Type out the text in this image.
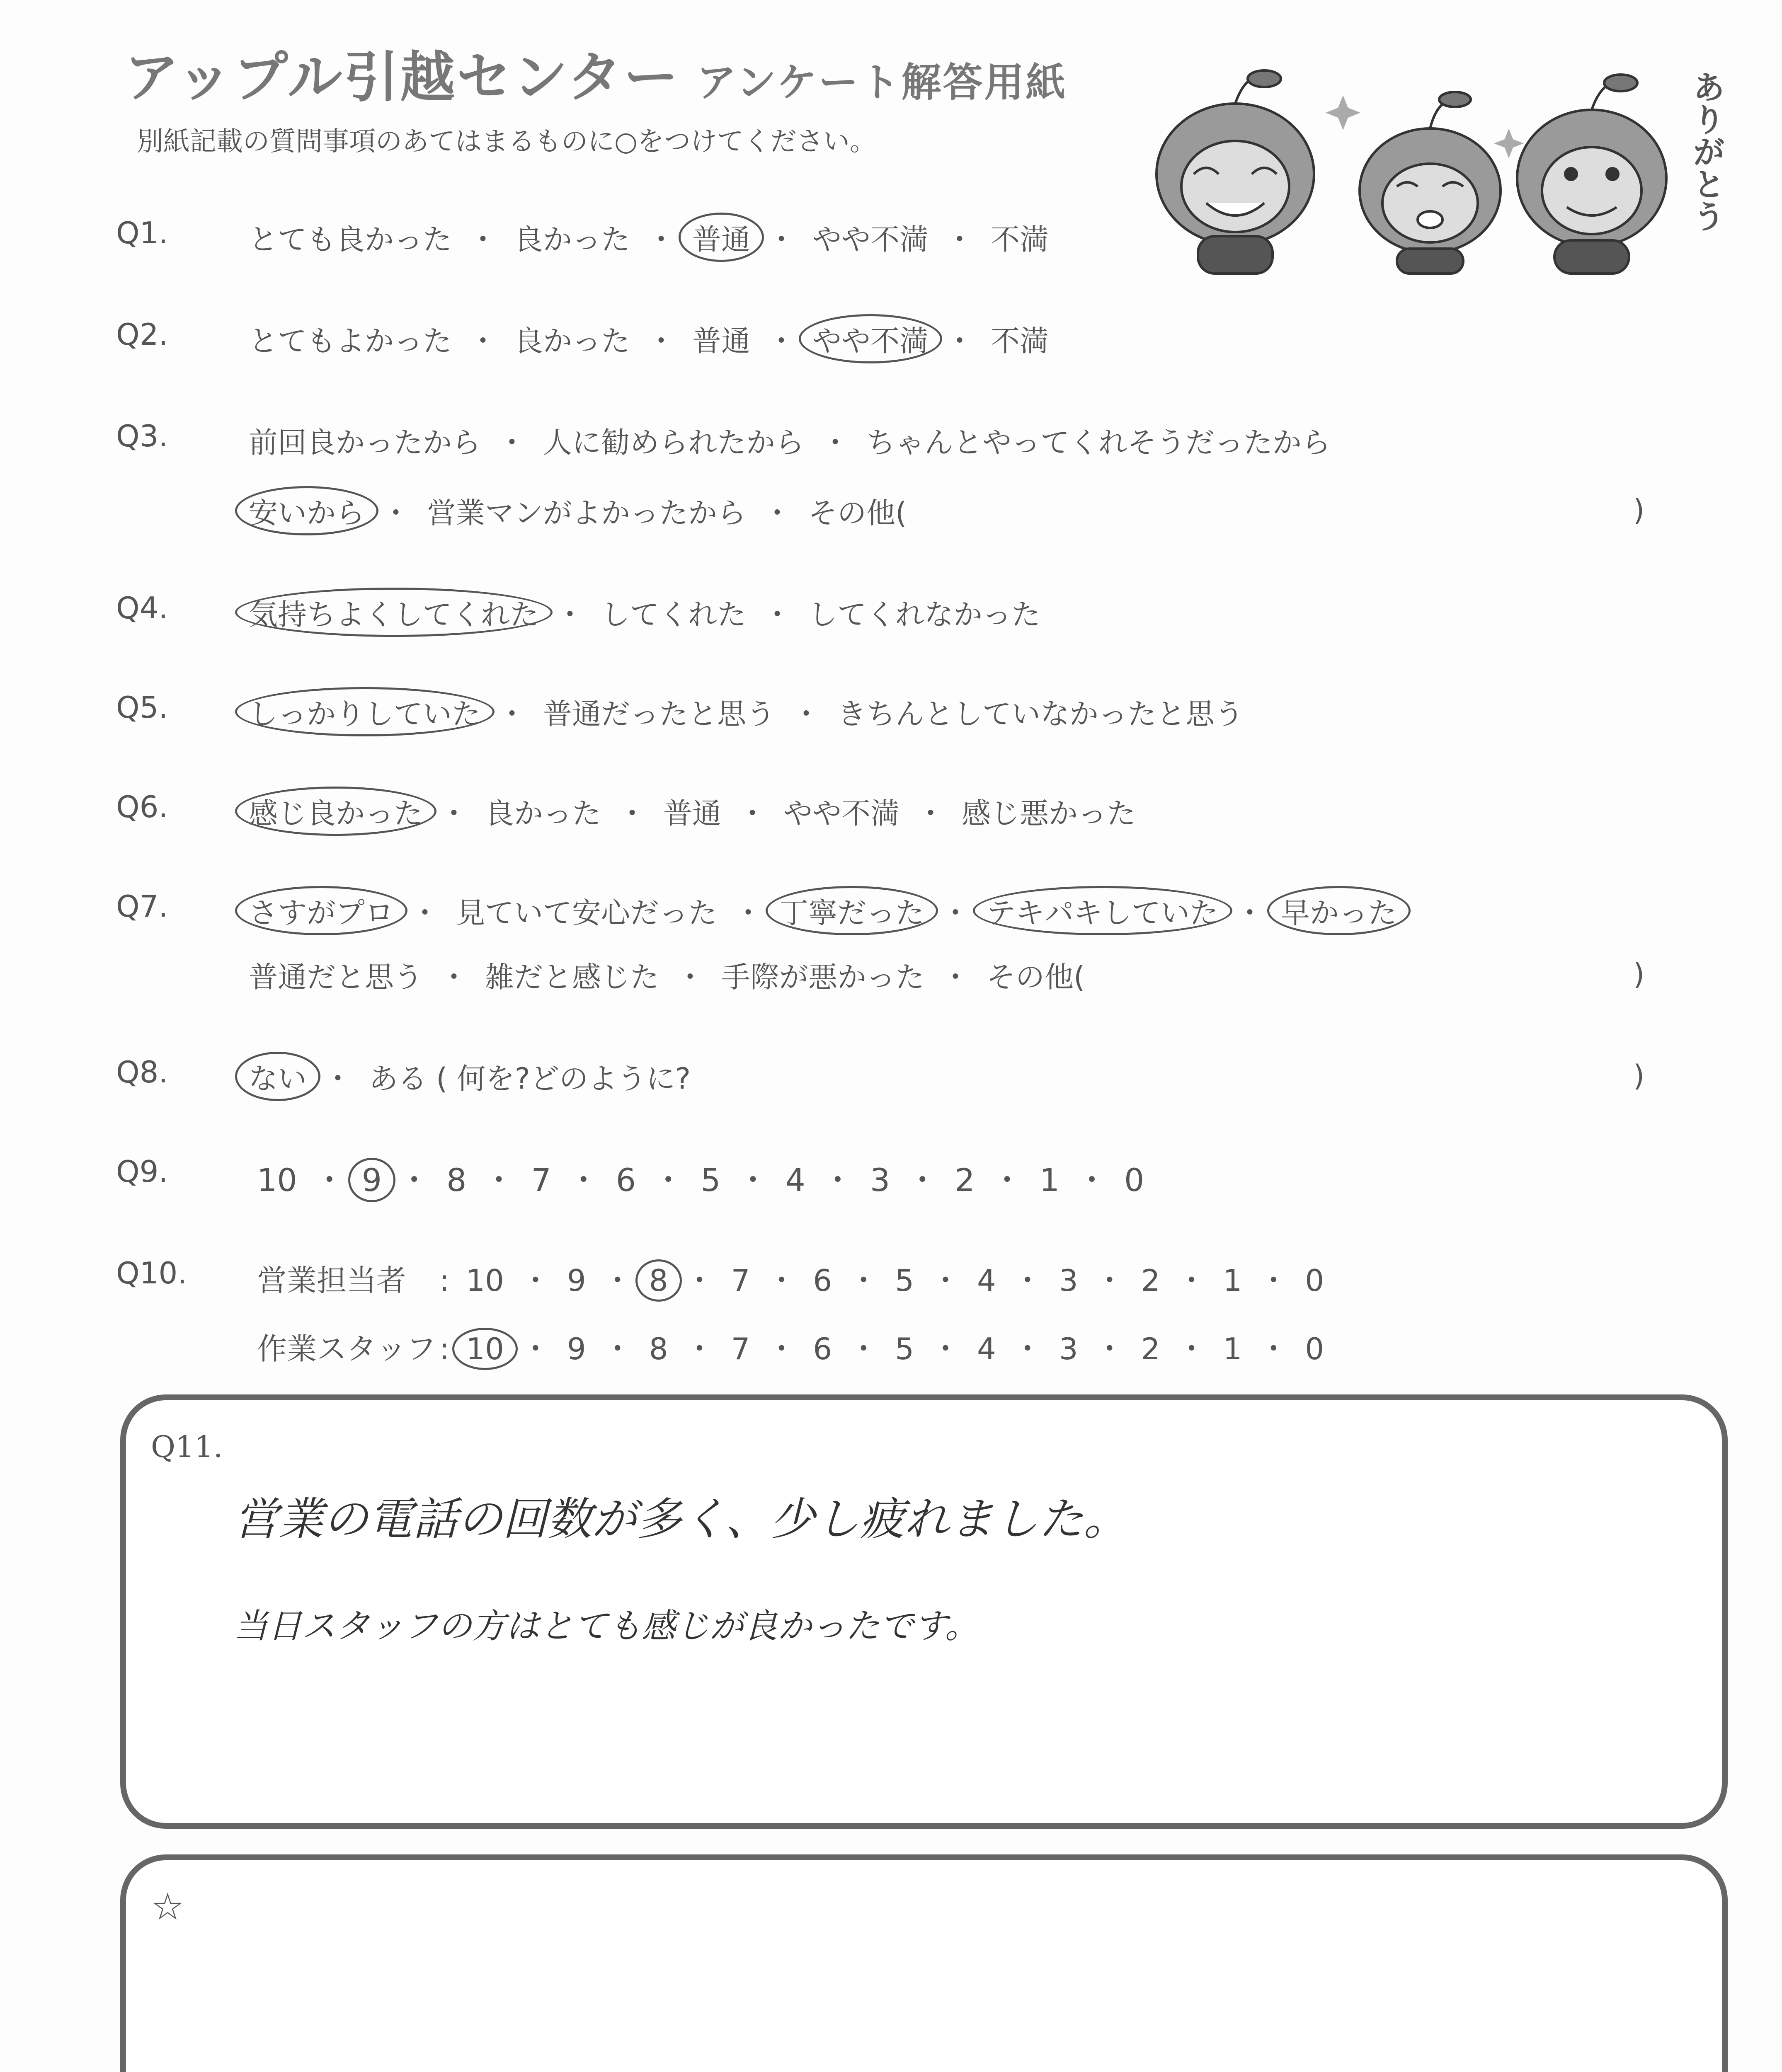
アップル引越センター アンケート解答用紙
別紙記載の質問事項のあてはまるものに○をつけてください。	ありがとう
Q1.	とても良かった ・ 良かった ・ 普通 ・ やや不満 ・ 不満
Q2.	とてもよかった ・ 良かった ・ 普通 ・ やや不満 ・ 不満
Q3.	前回良かったから ・ 人に勧められたから ・ ちゃんとやってくれそうだったから
安いから ・ 営業マンがよかったから ・ その他(	)
Q4.	気持ちよくしてくれた ・ してくれた ・ してくれなかった
Q5.	しっかりしていた ・ 普通だったと思う ・ きちんとしていなかったと思う
Q6.	感じ良かった ・ 良かった ・ 普通 ・ やや不満 ・ 感じ悪かった
Q7.	さすがプロ ・ 見ていて安心だった ・ 丁寧だった ・ テキパキしていた ・ 早かった
普通だと思う ・ 雑だと感じた ・ 手際が悪かった ・ その他(	)
Q8.	ない ・ ある ( 何を?どのように?	)
Q9.	10 ・ 9 ・ 8 ・ 7 ・ 6 ・ 5 ・ 4 ・ 3 ・ 2 ・ 1 ・ 0
Q10. 営業担当者 : 10 ・ 9 ・ 8 ・ 7 ・ 6 ・ 5 ・ 4 ・ 3 ・ 2 ・ 1 ・ 0
作業スタッフ : 10 ・ 9 ・ 8 ・ 7 ・ 6 ・ 5 ・ 4 ・ 3 ・ 2 ・ 1 ・ 0
Q11.
営業の電話の回数が多く、少し疲れました。
当日スタッフの方はとても感じが良かったです。
☆
